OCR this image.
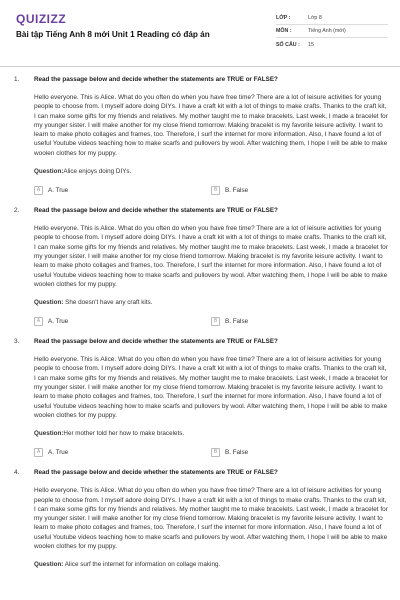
QUIZIZZ
Bài tập Tiếng Anh 8 mới Unit 1 Reading có đáp án
LỚP :	Lớp 8
MÔN :	Tiếng Anh (mới)
SỐ CÂU :	15
1. Read the passage below and decide whether the statements are TRUE or FALSE?
Hello everyone. This is Alice. What do you often do when you have free time? There are a lot of leisure activities for young people to choose from. I myself adore doing DIYs. I have a craft kit with a lot of things to make crafts. Thanks to the craft kit, I can make some gifts for my friends and relatives. My mother taught me to make bracelets. Last week, I made a bracelet for my younger sister. I will make another for my close friend tomorrow. Making bracelet is my favorite leisure activity. I want to learn to make photo collages and frames, too. Therefore, I surf the internet for more information. Also, I have found a lot of useful Youtube videos teaching how to make scarfs and pullovers by wool. After watching them, I hope I will be able to make woolen clothes for my puppy.
Question:Alice enjoys doing DIYs.
A	A. True	B	B. False
2. Read the passage below and decide whether the statements are TRUE or FALSE?
Hello everyone. This is Alice. What do you often do when you have free time? There are a lot of leisure activities for young people to choose from. I myself adore doing DIYs. I have a craft kit with a lot of things to make crafts. Thanks to the craft kit, I can make some gifts for my friends and relatives. My mother taught me to make bracelets. Last week, I made a bracelet for my younger sister. I will make another for my close friend tomorrow. Making bracelet is my favorite leisure activity. I want to learn to make photo collages and frames, too. Therefore, I surf the internet for more information. Also, I have found a lot of useful Youtube videos teaching how to make scarfs and pullovers by wool. After watching them, I hope I will be able to make woolen clothes for my puppy.
Question: She doesn't have any craft kits.
A	A. True	B	B. False
3. Read the passage below and decide whether the statements are TRUE or FALSE?
Hello everyone. This is Alice. What do you often do when you have free time? There are a lot of leisure activities for young people to choose from. I myself adore doing DIYs. I have a craft kit with a lot of things to make crafts. Thanks to the craft kit, I can make some gifts for my friends and relatives. My mother taught me to make bracelets. Last week, I made a bracelet for my younger sister. I will make another for my close friend tomorrow. Making bracelet is my favorite leisure activity. I want to learn to make photo collages and frames, too. Therefore, I surf the internet for more information. Also, I have found a lot of useful Youtube videos teaching how to make scarfs and pullovers by wool. After watching them, I hope I will be able to make woolen clothes for my puppy.
Question:Her mother told her how to make bracelets.
A	A. True	B	B. False
4. Read the passage below and decide whether the statements are TRUE or FALSE?
Hello everyone. This is Alice. What do you often do when you have free time? There are a lot of leisure activities for young people to choose from. I myself adore doing DIYs. I have a craft kit with a lot of things to make crafts. Thanks to the craft kit, I can make some gifts for my friends and relatives. My mother taught me to make bracelets. Last week, I made a bracelet for my younger sister. I will make another for my close friend tomorrow. Making bracelet is my favorite leisure activity. I want to learn to make photo collages and frames, too. Therefore, I surf the internet for more information. Also, I have found a lot of useful Youtube videos teaching how to make scarfs and pullovers by wool. After watching them, I hope I will be able to make woolen clothes for my puppy.
Question: Alice surf the internet for information on collage making.
